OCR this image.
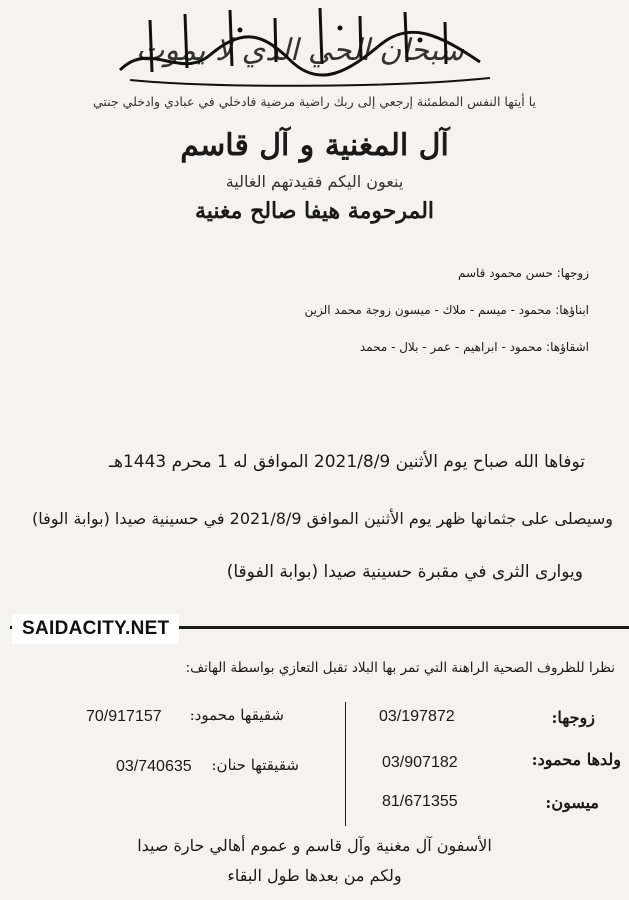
سبحان الحي الذي لا يموت
يا أيتها النفس المطمئنة إرجعي إلى ربك راضية مرضية فادخلي في عبادي وادخلي جنتي
آل المغنية و آل قاسم
ينعون اليكم فقيدتهم الغالية
المرحومة هيفا صالح مغنية
زوجها: حسن محمود قاسم
ابناؤها: محمود - ميسم - ملاك - ميسون زوجة محمد الزين
اشقاؤها: محمود - ابراهيم - عمر - بلال - محمد
توفاها الله صباح يوم الأثنين 2021/8/9 الموافق له 1 محرم 1443هـ
وسيصلى على جثمانها ظهر يوم الأثنين الموافق 2021/8/9 في حسينية صيدا (بوابة الوفا)
ويوارى الثرى في مقبرة حسينية صيدا (بوابة الفوقا)
SAIDACITY.NET
نظرا للظروف الصحية الراهنة التي تمر بها البلاد تقبل التعازي بواسطة الهاتف:
زوجها:
03/197872
ولدها محمود:
03/907182
ميسون:
81/671355
شقيقها محمود:
70/917157
شقيقتها حنان:
03/740635
الأسفون آل مغنية وآل قاسم و عموم أهالي حارة صيدا
ولكم من بعدها طول البقاء
